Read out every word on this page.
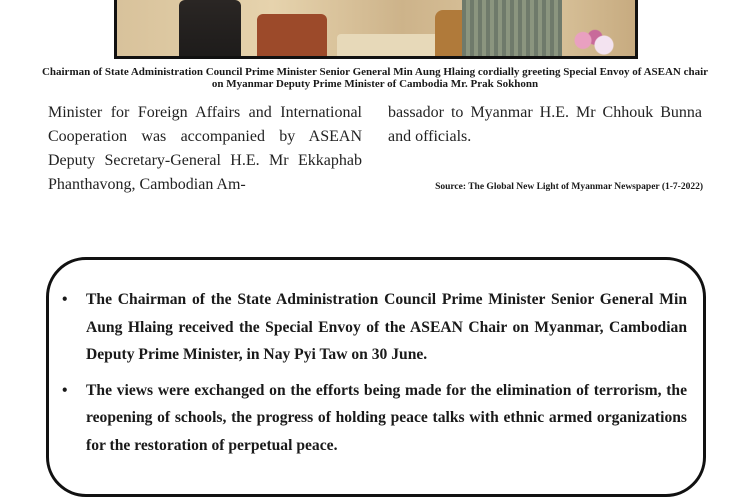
Chairman of State Administration Council Prime Minister Senior General Min Aung Hlaing cordially greeting Special Envoy of ASEAN chair on Myanmar Deputy Prime Minister of Cambodia Mr. Prak Sokhonn

Minister for Foreign Affairs and International Cooperation was accompanied by ASEAN Deputy Secretary-General H.E. Mr Ekkaphab Phanthavong, Cambodian Am-

bassador to Myanmar H.E. Mr Chhouk Bunna and officials.

Source: The Global New Light of Myanmar Newspaper (1-7-2022)
• The Chairman of the State Administration Council Prime Minister Senior General Min Aung Hlaing received the Special Envoy of the ASEAN Chair on Myanmar, Cambodian Deputy Prime Minister, in Nay Pyi Taw on 30 June.
• The views were exchanged on the efforts being made for the elimination of terrorism, the reopening of schools, the progress of holding peace talks with ethnic armed organizations for the restoration of perpetual peace.
